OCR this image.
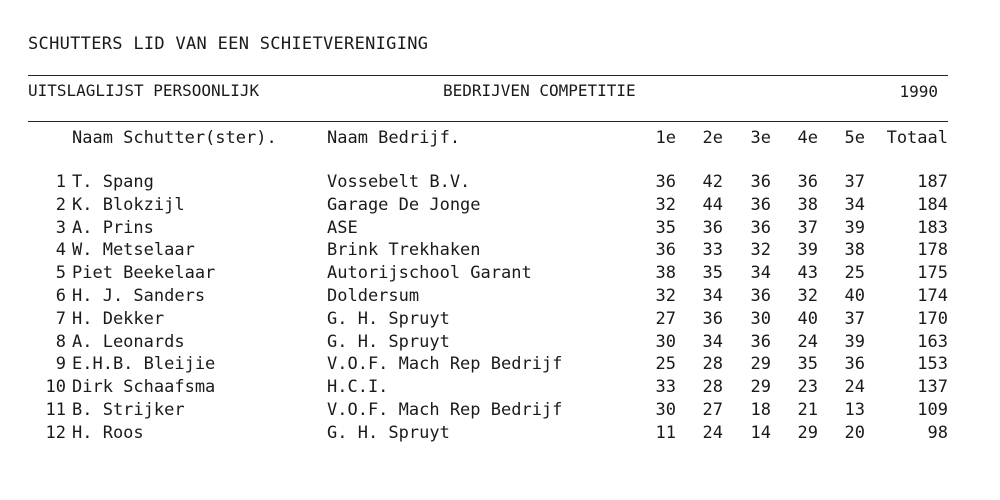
SCHUTTERS LID VAN EEN SCHIETVERENIGING
UITSLAGLIJST PERSOONLIJK	BEDRIJVEN COMPETITIE	1990
Naam Schutter(ster).	Naam Bedrijf.	1e	2e	3e	4e	5e	Totaal
1 T. Spang	Vossebelt B.V.	36	42	36	36	37	187
2 K. Blokzijl	Garage De Jonge	32	44	36	38	34	184
3 A. Prins	ASE	35	36	36	37	39	183
4 W. Metselaar	Brink Trekhaken	36	33	32	39	38	178
5 Piet Beekelaar	Autorijschool Garant	38	35	34	43	25	175
6 H. J. Sanders	Doldersum	32	34	36	32	40	174
7 H. Dekker	G. H. Spruyt	27	36	30	40	37	170
8 A. Leonards	G. H. Spruyt	30	34	36	24	39	163
9 E.H.B. Bleijie	V.O.F. Mach Rep Bedrijf	25	28	29	35	36	153
10 Dirk Schaafsma	H.C.I.	33	28	29	23	24	137
11 B. Strijker	V.O.F. Mach Rep Bedrijf	30	27	18	21	13	109
12 H. Roos	G. H. Spruyt	11	24	14	29	20	98
